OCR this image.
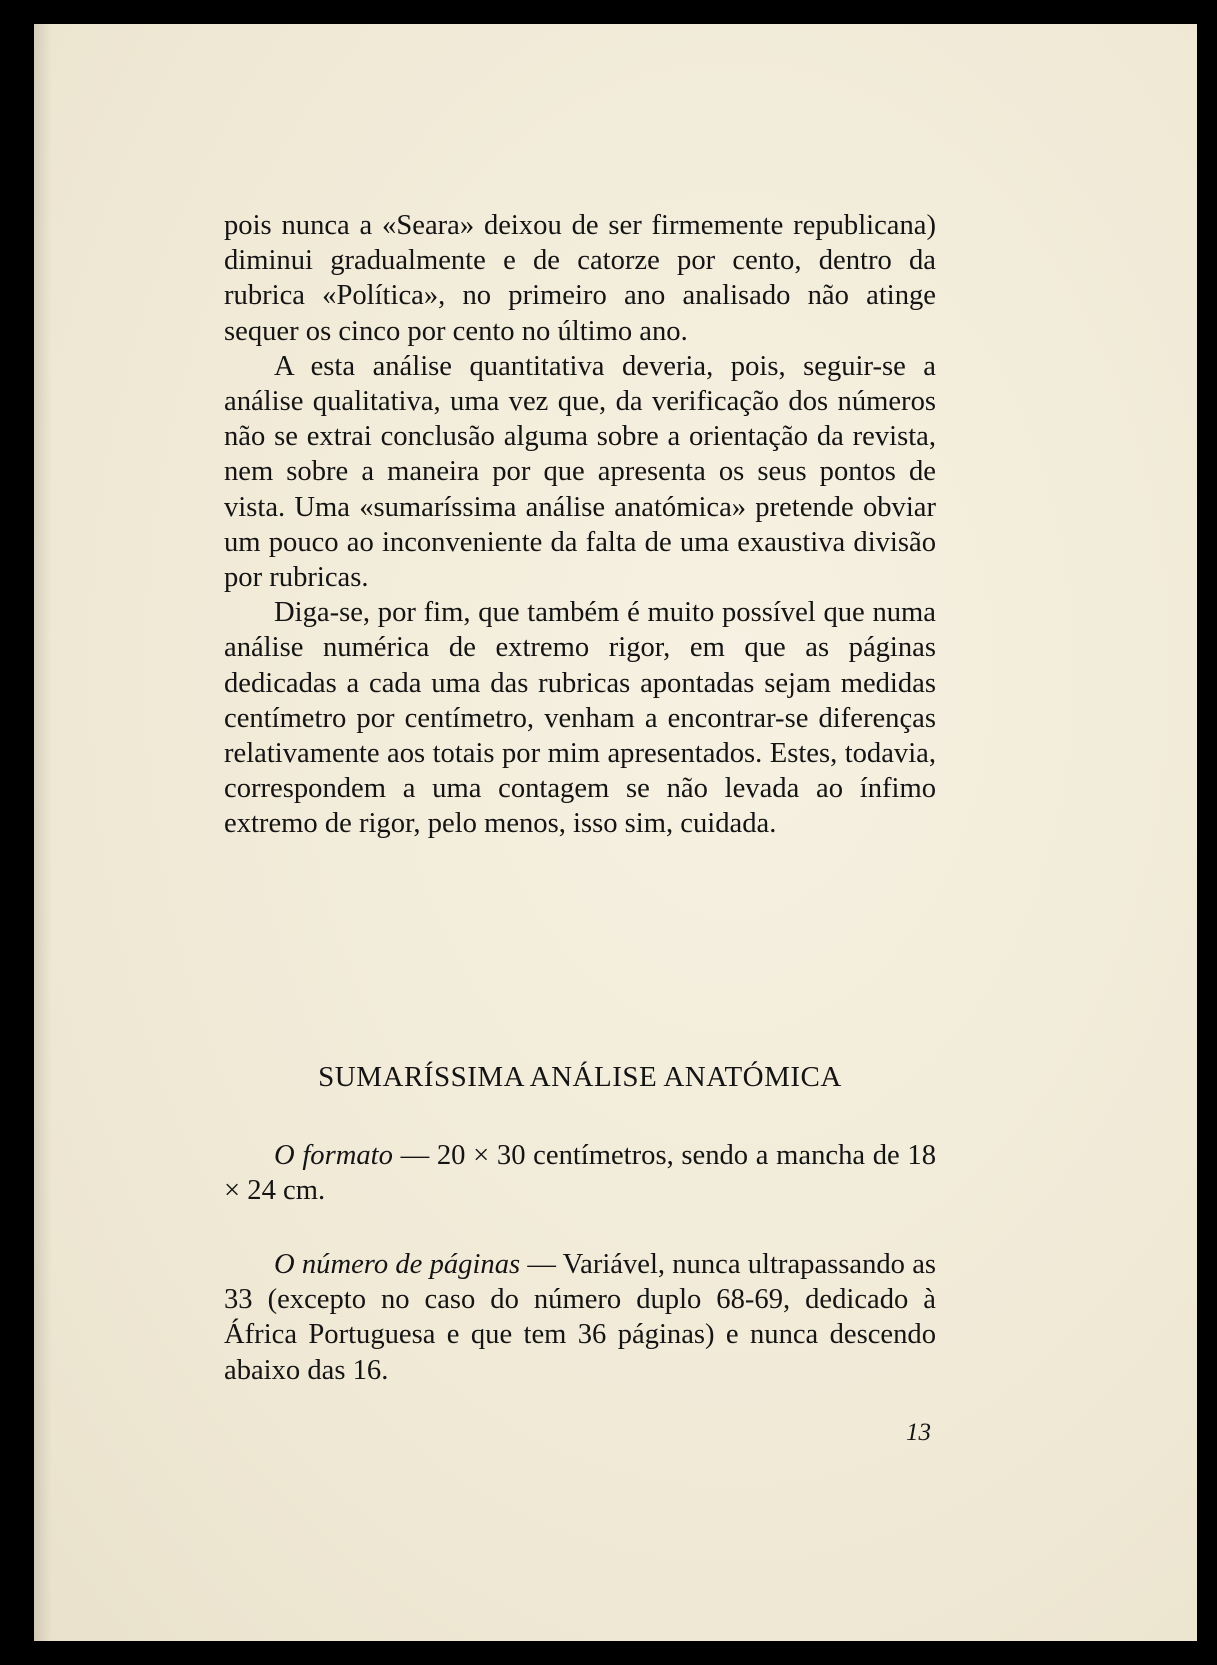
pois nunca a «Seara» deixou de ser firmemente republicana) diminui gradualmente e de catorze por cento, dentro da rubrica «Política», no primeiro ano analisado não atinge sequer os cinco por cento no último ano.

A esta análise quantitativa deveria, pois, seguir-se a análise qualitativa, uma vez que, da verificação dos números não se extrai conclusão alguma sobre a orientação da revista, nem sobre a maneira por que apresenta os seus pontos de vista. Uma «sumaríssima análise anatómica» pretende obviar um pouco ao inconveniente da falta de uma exaustiva divisão por rubricas.

Diga-se, por fim, que também é muito possível que numa análise numérica de extremo rigor, em que as páginas dedicadas a cada uma das rubricas apontadas sejam medidas centímetro por centímetro, venham a encontrar-se diferenças relativamente aos totais por mim apresentados. Estes, todavia, correspondem a uma contagem se não levada ao ínfimo extremo de rigor, pelo menos, isso sim, cuidada.

SUMARÍSSIMA ANÁLISE ANATÓMICA
O formato — 20 × 30 centímetros, sendo a mancha de 18 × 24 cm.
O número de páginas — Variável, nunca ultrapassando as 33 (excepto no caso do número duplo 68-69, dedicado à África Portuguesa e que tem 36 páginas) e nunca descendo abaixo das 16.
13
